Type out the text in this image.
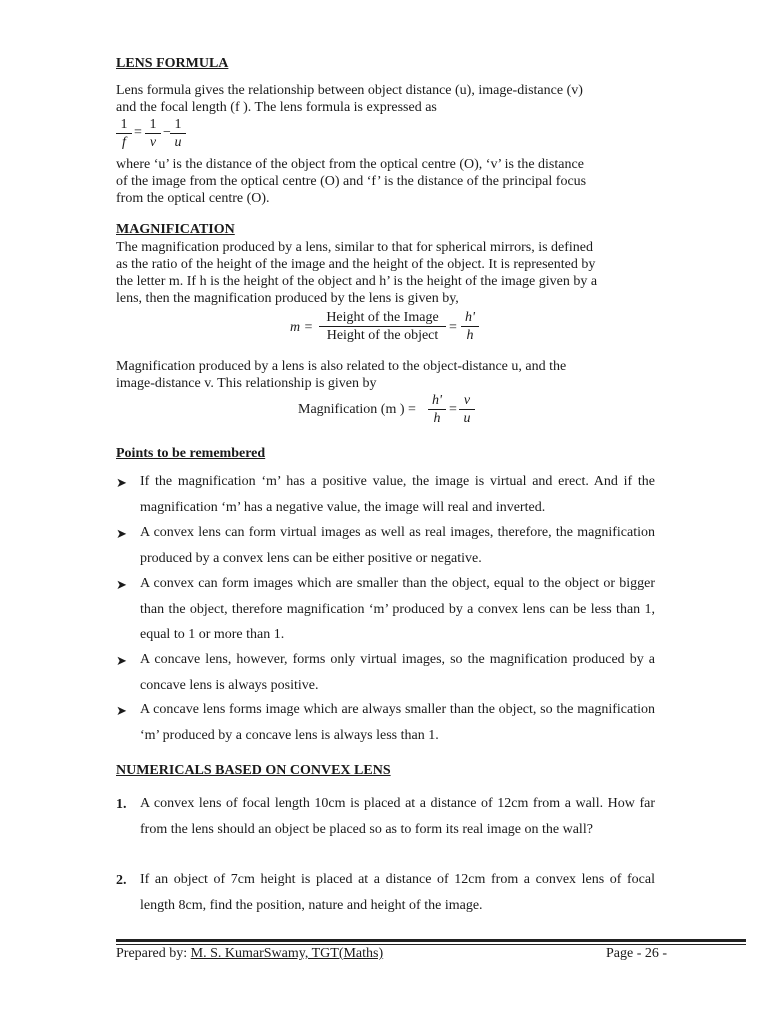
LENS FORMULA
Lens formula gives the relationship between object distance (u), image-distance (v)
and the focal length (f ). The lens formula is expressed as
$\frac{1}{f} = \frac{1}{v} - \frac{1}{u}$
where ‘u’ is the distance of the object from the optical centre (O), ‘v’ is the distance
of the image from the optical centre (O) and ‘f’ is the distance of the principal focus
from the optical centre (O).
MAGNIFICATION
The magnification produced by a lens, similar to that for spherical mirrors, is defined
as the ratio of the height of the image and the height of the object. It is represented by
the letter m. If h is the height of the object and h’ is the height of the image given by a
lens, then the magnification produced by the lens is given by,
m =
Height of the Image
Height of the object
= $\frac{h'}{h}$
Magnification produced by a lens is also related to the object-distance u, and the
image-distance v. This relationship is given by
Magnification (m ) = $\frac{h'}{h} = \frac{v}{u}$
Points to be remembered
➤ If the magnification ‘m’ has a positive value, the image is virtual and erect. And if the magnification ‘m’ has a negative value, the image will real and inverted.
➤ A convex lens can form virtual images as well as real images, therefore, the magnification produced by a convex lens can be either positive or negative.
➤ A convex can form images which are smaller than the object, equal to the object or bigger than the object, therefore magnification ‘m’ produced by a convex lens can be less than 1, equal to 1 or more than 1.
➤ A concave lens, however, forms only virtual images, so the magnification produced by a concave lens is always positive.
➤ A concave lens forms image which are always smaller than the object, so the magnification ‘m’ produced by a concave lens is always less than 1.
NUMERICALS BASED ON CONVEX LENS
1. A convex lens of focal length 10cm is placed at a distance of 12cm from a wall. How far from the lens should an object be placed so as to form its real image on the wall?
2. If an object of 7cm height is placed at a distance of 12cm from a convex lens of focal length 8cm, find the position, nature and height of the image.
Prepared by: M. S. KumarSwamy, TGT(Maths)	Page - 26 -
